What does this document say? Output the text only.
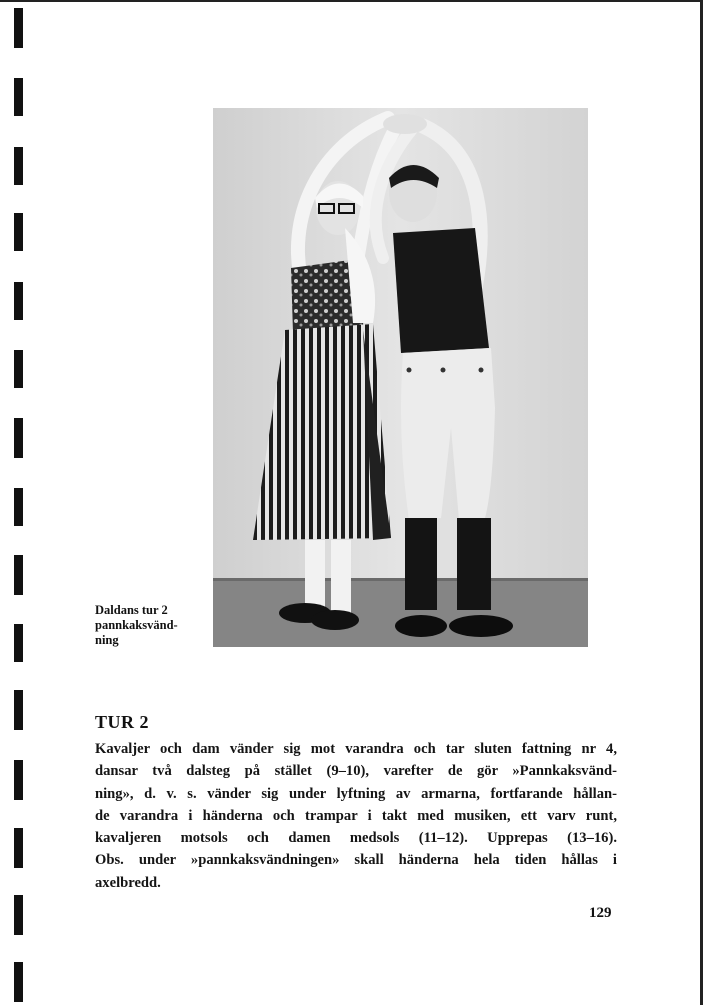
Daldans tur 2
pannkaksvänd-
ning
TUR 2
Kavaljer och dam vänder sig mot varandra och tar sluten fattning nr 4,
dansar två dalsteg på stället (9–10), varefter de gör »Pannkaksvänd-
ning», d. v. s. vänder sig under lyftning av armarna, fortfarande hållan-
de varandra i händerna och trampar i takt med musiken, ett varv runt,
kavaljeren motsols och damen medsols (11–12). Upprepas (13–16).
Obs. under »pannkaksvändningen» skall händerna hela tiden hållas i
axelbredd.
129
